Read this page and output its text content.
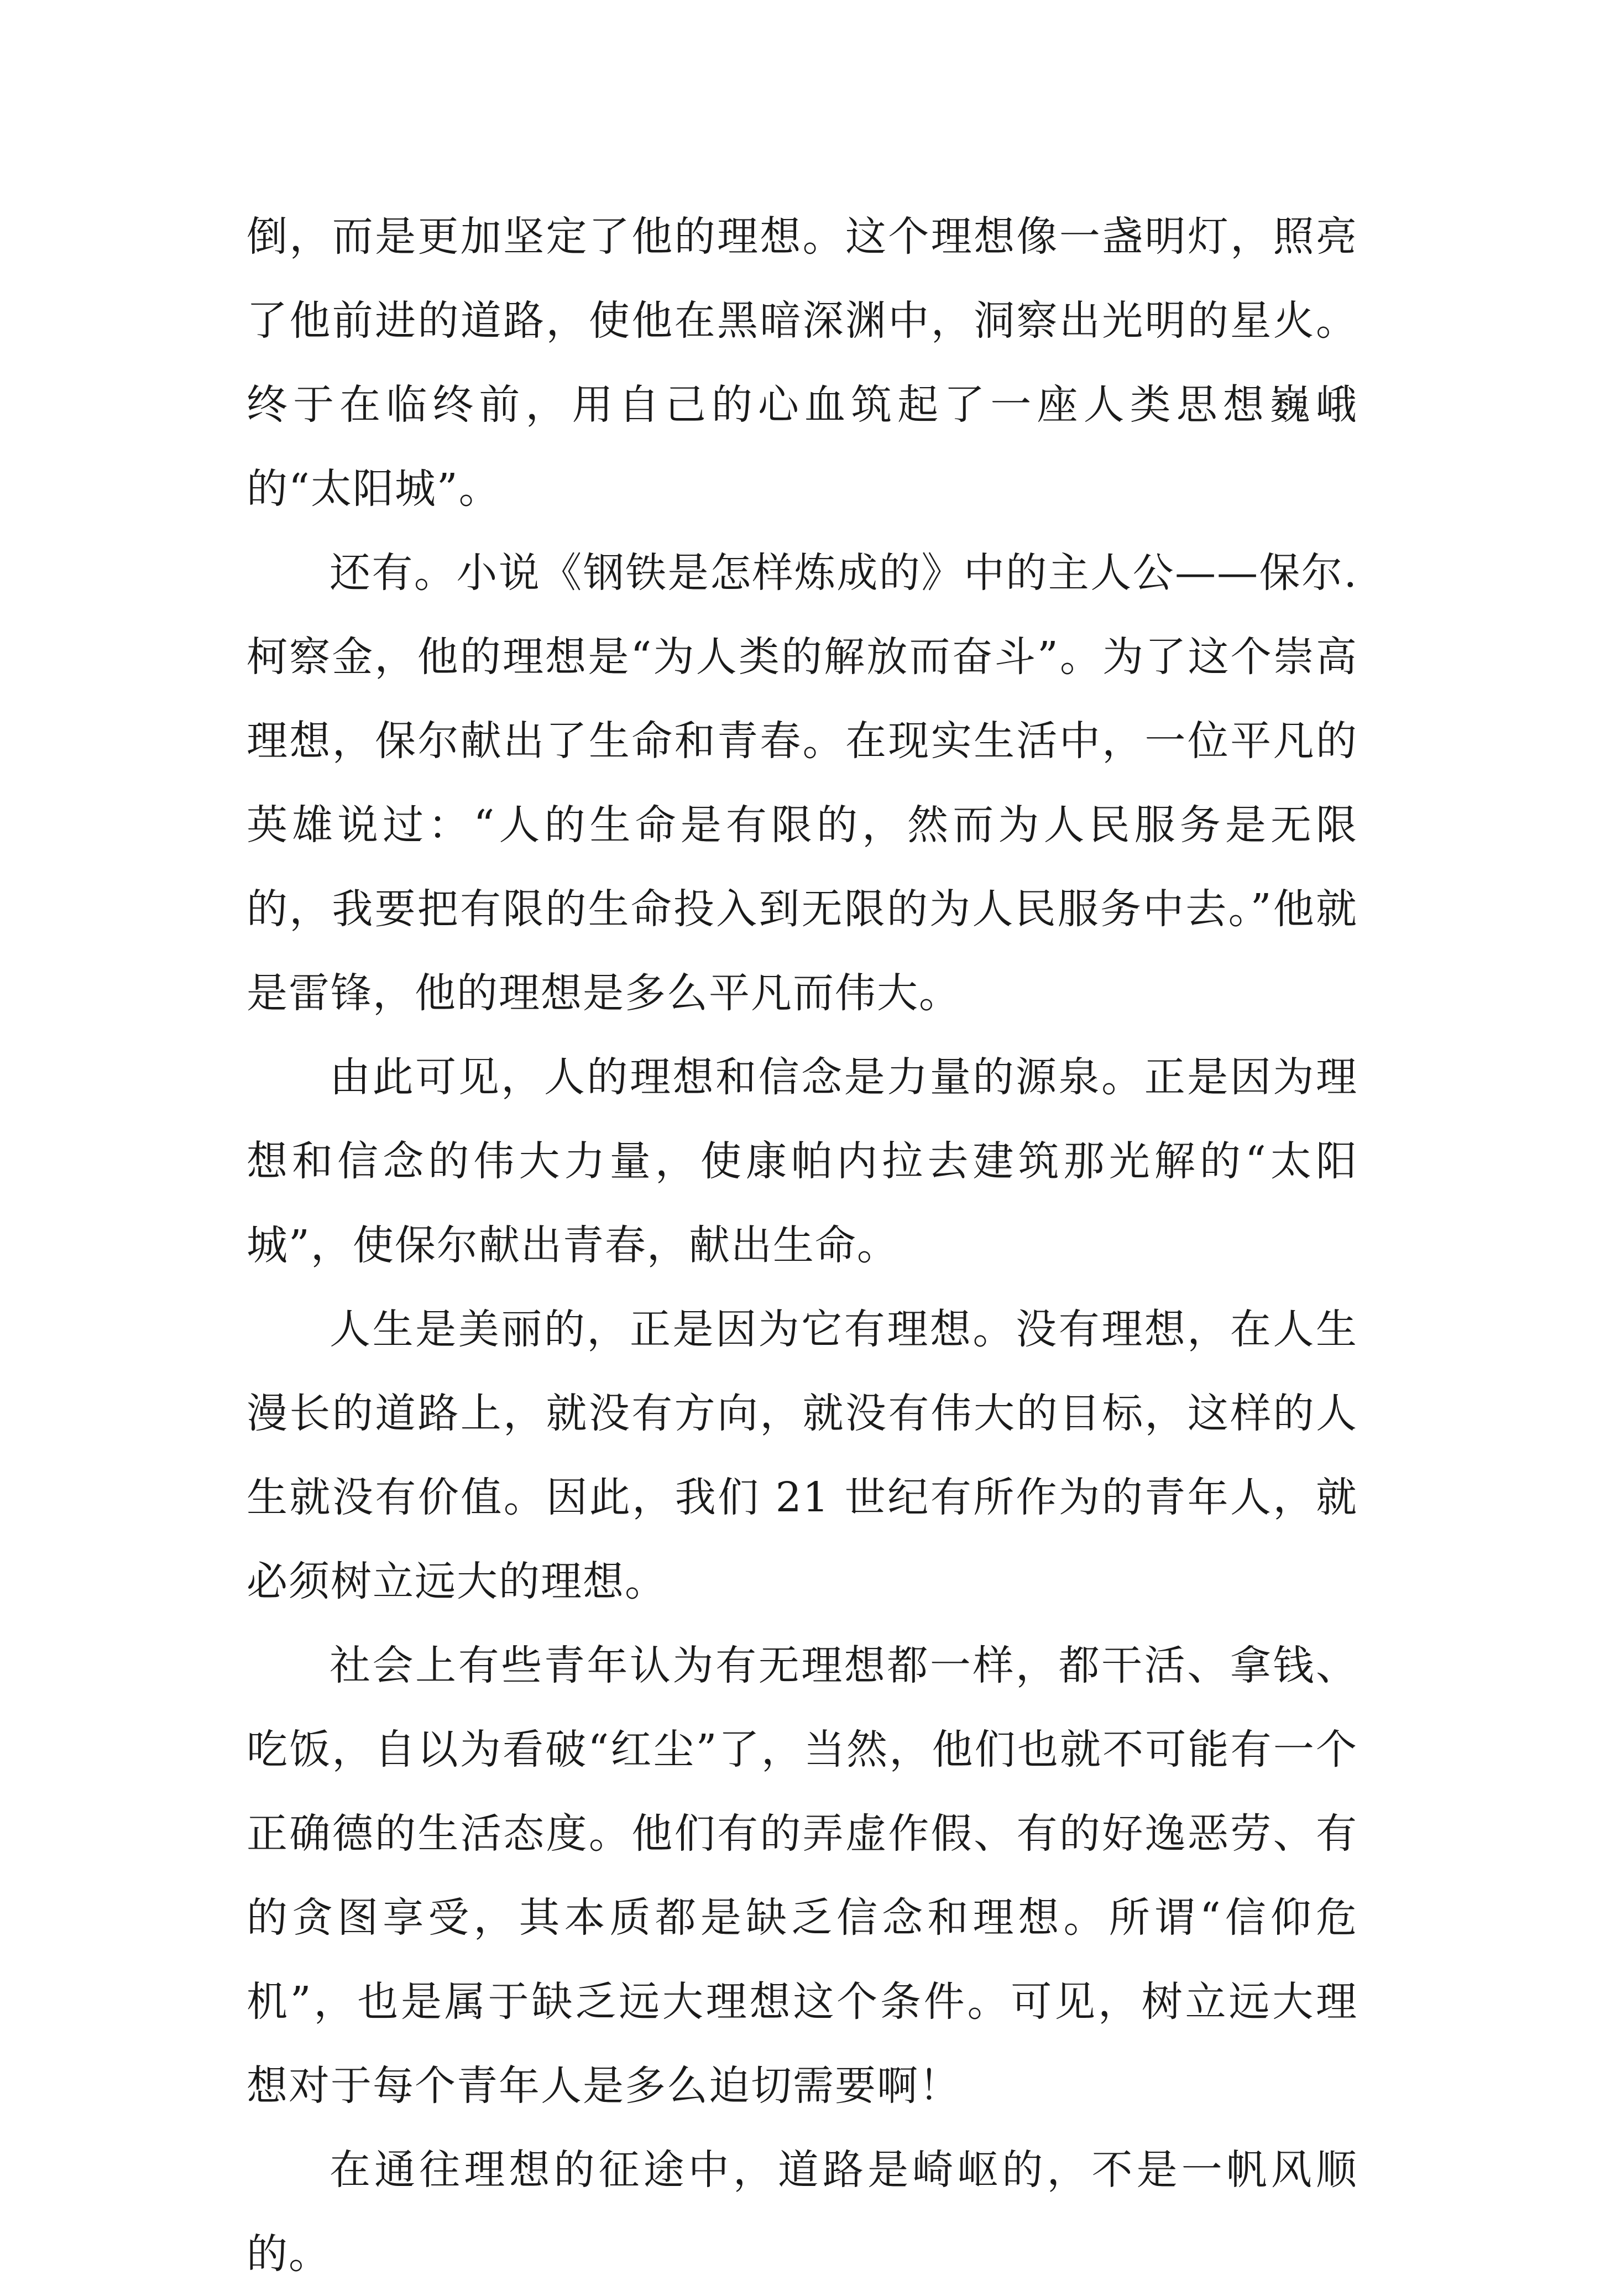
倒，而是更加坚定了他的理想。这个理想像一盏明灯，照亮了他前进的道路，使他在黑暗深渊中，洞察出光明的星火。终于在临终前，用自己的心血筑起了一座人类思想巍峨的“太阳城”。

还有。小说《钢铁是怎样炼成的》中的主人公——保尔.柯察金，他的理想是“为人类的解放而奋斗”。为了这个崇高理想，保尔献出了生命和青春。在现实生活中，一位平凡的英雄说过：“人的生命是有限的，然而为人民服务是无限的，我要把有限的生命投入到无限的为人民服务中去。”他就是雷锋，他的理想是多么平凡而伟大。

由此可见，人的理想和信念是力量的源泉。正是因为理想和信念的伟大力量，使康帕内拉去建筑那光解的“太阳城”，使保尔献出青春，献出生命。

人生是美丽的，正是因为它有理想。没有理想，在人生漫长的道路上，就没有方向，就没有伟大的目标，这样的人生就没有价值。因此，我们 21 世纪有所作为的青年人，就必须树立远大的理想。

社会上有些青年认为有无理想都一样，都干活、拿钱、吃饭，自以为看破“红尘”了，当然，他们也就不可能有一个正确德的生活态度。他们有的弄虚作假、有的好逸恶劳、有的贪图享受，其本质都是缺乏信念和理想。所谓“信仰危机”，也是属于缺乏远大理想这个条件。可见，树立远大理想对于每个青年人是多么迫切需要啊！

在通往理想的征途中，道路是崎岖的，不是一帆风顺的。
